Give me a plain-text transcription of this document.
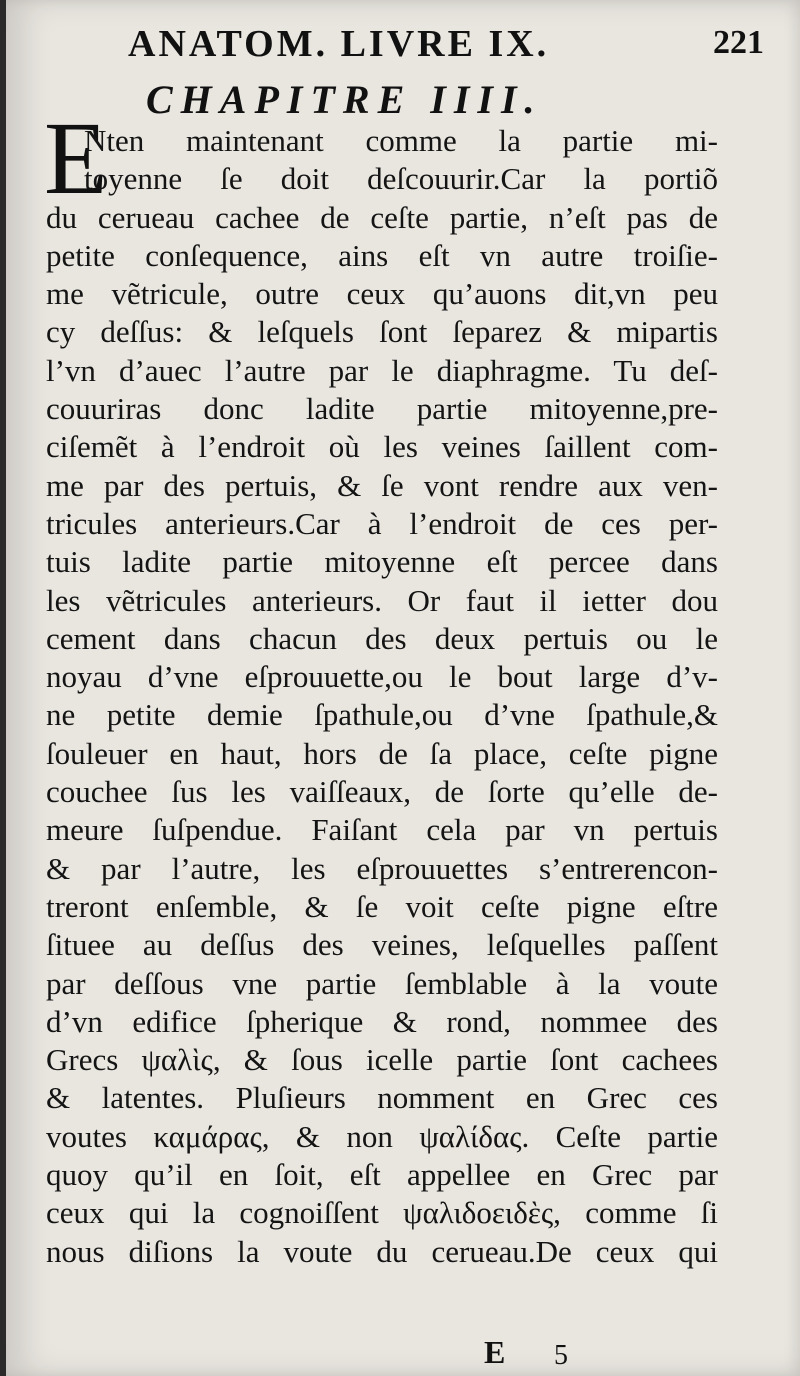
ANATOM. LIVRE IX.	221
CHAPITRE IIII.
E
Nten maintenant comme la partie mi-
toyenne ſe doit deſcouurir.Car la portiõ
du cerueau cachee de ceſte partie, n’eſt pas de
petite conſequence, ains eſt vn autre troiſie-
me vẽtricule, outre ceux qu’auons dit,vn peu
cy deſſus: & leſquels ſont ſeparez & mipartis
l’vn d’auec l’autre par le diaphragme. Tu deſ-
couuriras donc ladite partie mitoyenne,pre-
ciſemẽt à l’endroit où les veines ſaillent com-
me par des pertuis, & ſe vont rendre aux ven-
tricules anterieurs.Car à l’endroit de ces per-
tuis ladite partie mitoyenne eſt percee dans
les vẽtricules anterieurs. Or faut il ietter dou
cement dans chacun des deux pertuis ou le
noyau d’vne eſprouuette,ou le bout large d’v-
ne petite demie ſpathule,ou d’vne ſpathule,&
ſouleuer en haut, hors de ſa place, ceſte pigne
couchee ſus les vaiſſeaux, de ſorte qu’elle de-
meure ſuſpendue. Faiſant cela par vn pertuis
& par l’autre, les eſprouuettes s’entrerencon-
treront enſemble, & ſe voit ceſte pigne eſtre
ſituee au deſſus des veines, leſquelles paſſent
par deſſous vne partie ſemblable à la voute
d’vn edifice ſpherique & rond, nommee des
Grecs ψαλὶς, & ſous icelle partie ſont cachees
& latentes. Pluſieurs nomment en Grec ces
voutes καμάρας, & non ψαλίδας. Ceſte partie
quoy qu’il en ſoit, eſt appellee en Grec par
ceux qui la cognoiſſent ψαλιδοειδὲς, comme ſi
nous diſions la voute du cerueau.De ceux qui
E 5
